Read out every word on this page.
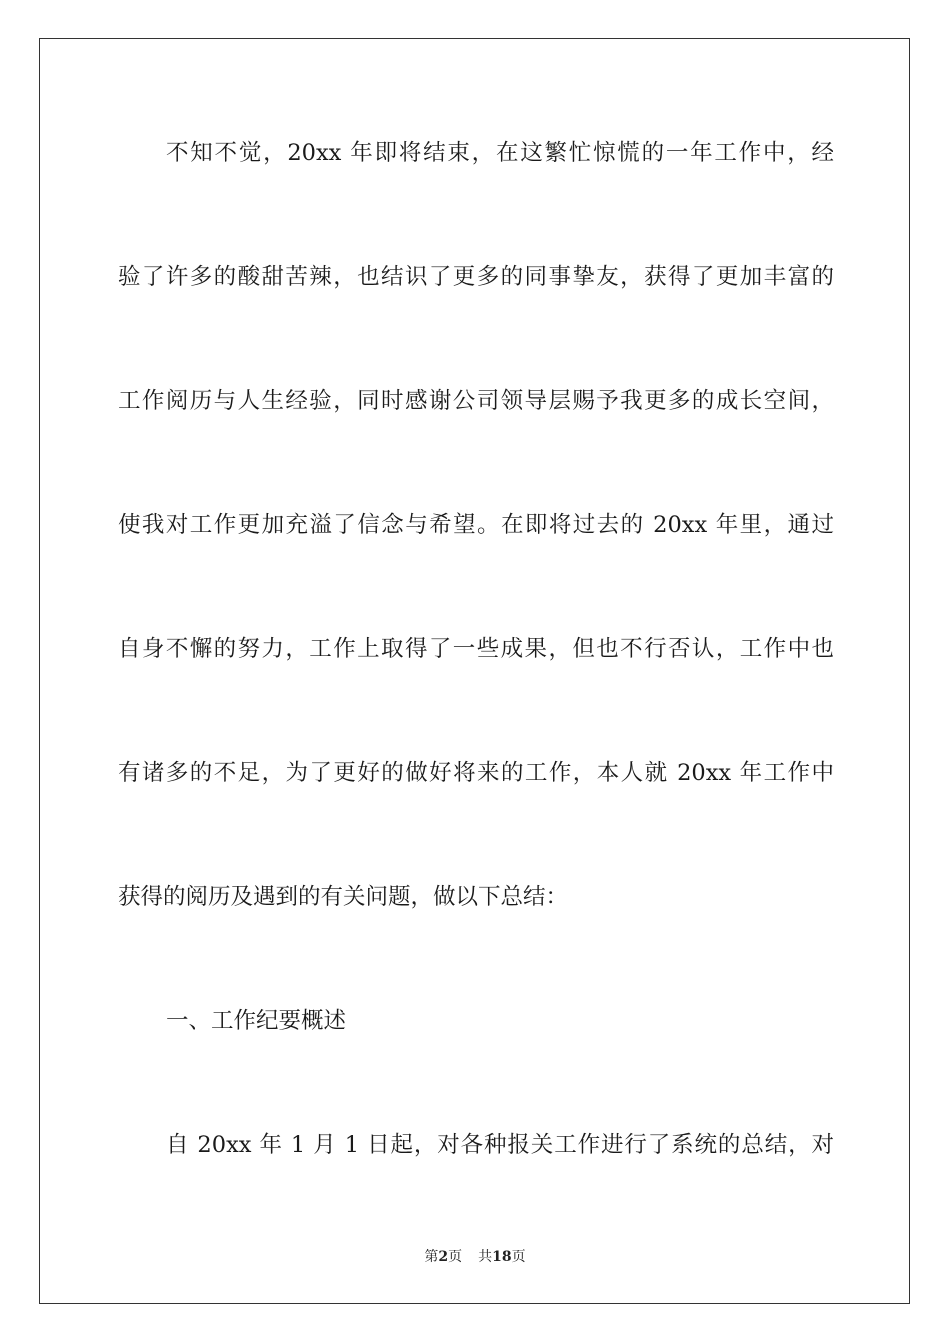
不知不觉，20xx 年即将结束，在这繁忙惊慌的一年工作中，经
验了许多的酸甜苦辣，也结识了更多的同事挚友，获得了更加丰富的
工作阅历与人生经验，同时感谢公司领导层赐予我更多的成长空间，
使我对工作更加充溢了信念与希望。在即将过去的 20xx 年里，通过
自身不懈的努力，工作上取得了一些成果，但也不行否认，工作中也
有诸多的不足，为了更好的做好将来的工作，本人就 20xx 年工作中
获得的阅历及遇到的有关问题，做以下总结：
一、工作纪要概述
自 20xx 年 1 月 1 日起，对各种报关工作进行了系统的总结，对
第2页 共18页
